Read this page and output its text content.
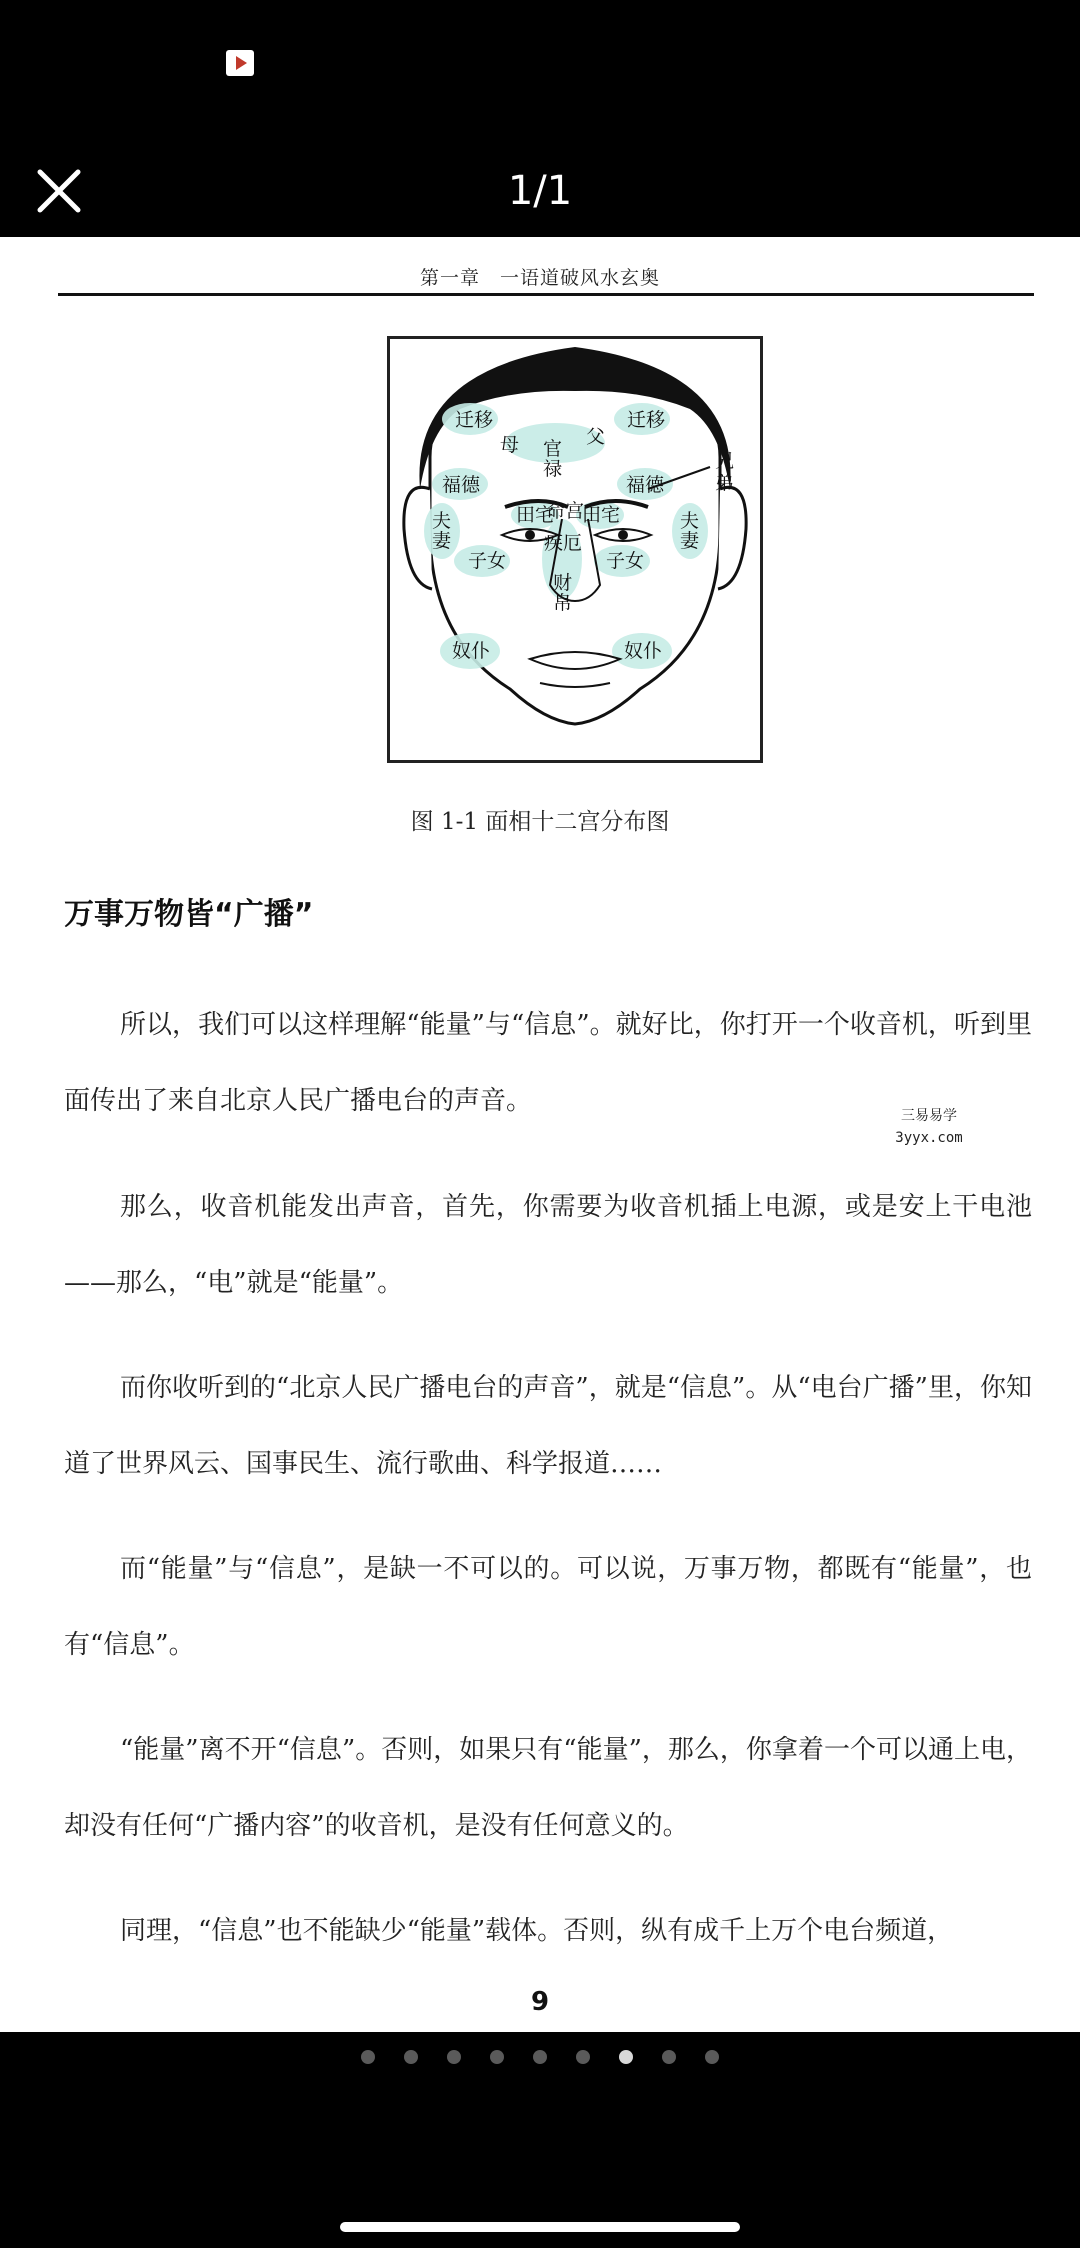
1/1
第一章　一语道破风水玄奥
迁移	迁移
母	父
官
禄	兄
弟
福德	福德
田宅 田宅
命宫
夫
妻
夫
妻
疾厄
子女	子女
财
帛
奴仆	奴仆
图 1-1 面相十二宫分布图
万事万物皆“广播”

所以，我们可以这样理解“能量”与“信息”。就好比，你打开一个收音机，听到里面传出了来自北京人民广播电台的声音。

那么，收音机能发出声音，首先，你需要为收音机插上电源，或是安上干电池——那么，“电”就是“能量”。

而你收听到的“北京人民广播电台的声音”，就是“信息”。从“电台广播”里，你知道了世界风云、国事民生、流行歌曲、科学报道……

而“能量”与“信息”，是缺一不可以的。可以说，万事万物，都既有“能量”，也有“信息”。

“能量”离不开“信息”。否则，如果只有“能量”，那么，你拿着一个可以通上电，却没有任何“广播内容”的收音机，是没有任何意义的。

同理，“信息”也不能缺少“能量”载体。否则，纵有成千上万个电台频道，

三易易学
3yyx.com
9
